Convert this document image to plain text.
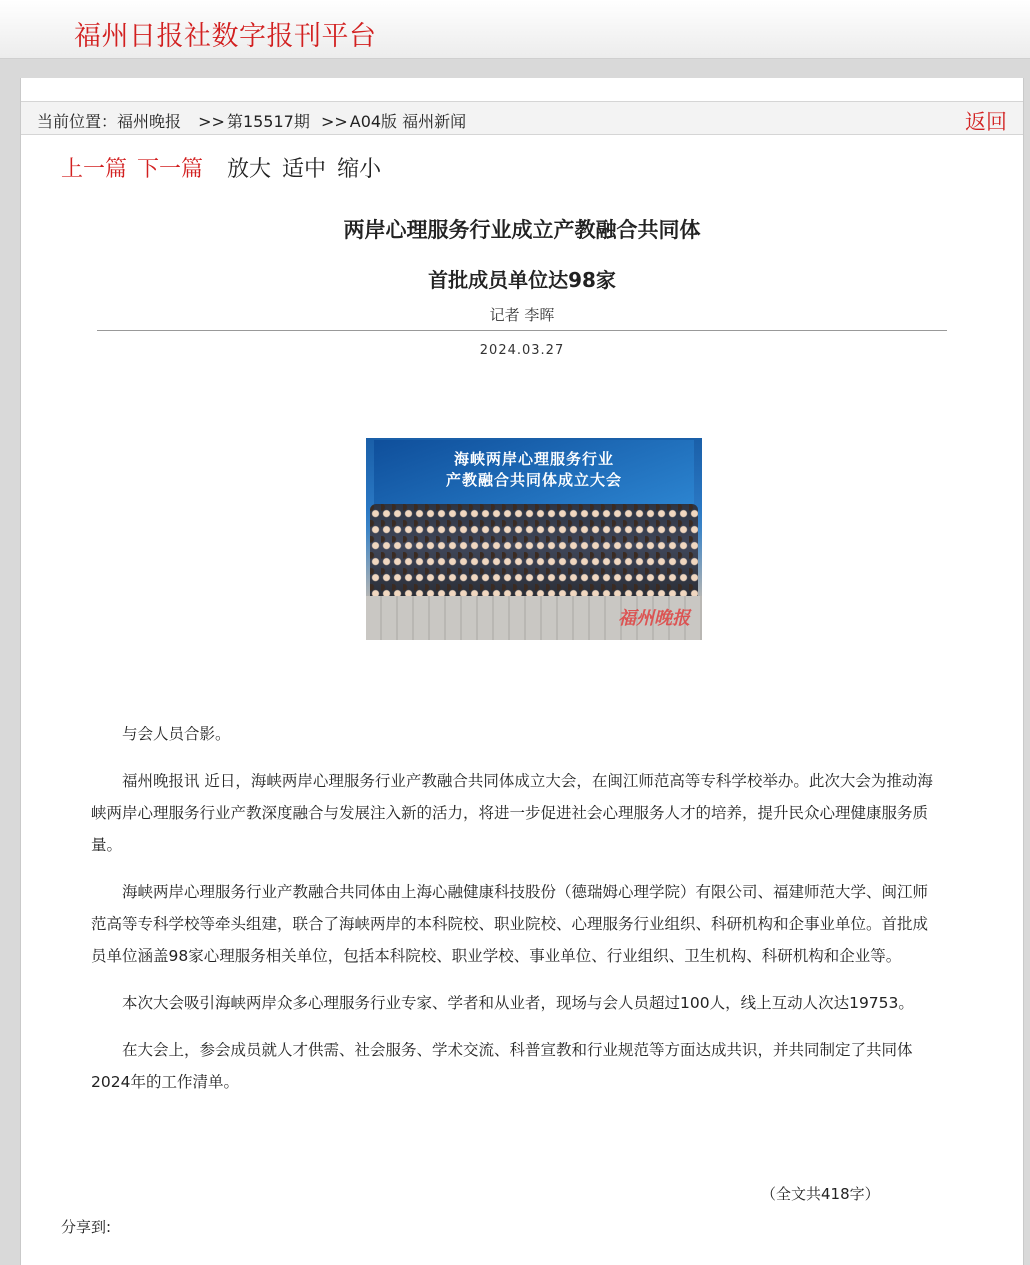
福州日报社数字报刊平台
当前位置：福州晚报 >> 第15517期 >> A04版 福州新闻	返回
上一篇 下一篇 放大 适中 缩小
两岸心理服务行业成立产教融合共同体
首批成员单位达98家
记者 李晖
2024.03.27
海峡两岸心理服务行业
产教融合共同体成立大会
福州晚报

与会人员合影。

福州晚报讯 近日，海峡两岸心理服务行业产教融合共同体成立大会，在闽江师范高等专科学校举办。此次大会为推动海峡两岸心理服务行业产教深度融合与发展注入新的活力，将进一步促进社会心理服务人才的培养，提升民众心理健康服务质量。

海峡两岸心理服务行业产教融合共同体由上海心融健康科技股份（德瑞姆心理学院）有限公司、福建师范大学、闽江师范高等专科学校等牵头组建，联合了海峡两岸的本科院校、职业院校、心理服务行业组织、科研机构和企事业单位。首批成员单位涵盖98家心理服务相关单位，包括本科院校、职业学校、事业单位、行业组织、卫生机构、科研机构和企业等。

本次大会吸引海峡两岸众多心理服务行业专家、学者和从业者，现场与会人员超过100人，线上互动人次达19753。

在大会上，参会成员就人才供需、社会服务、学术交流、科普宣教和行业规范等方面达成共识，并共同制定了共同体2024年的工作清单。

（全文共418字）
分享到:
